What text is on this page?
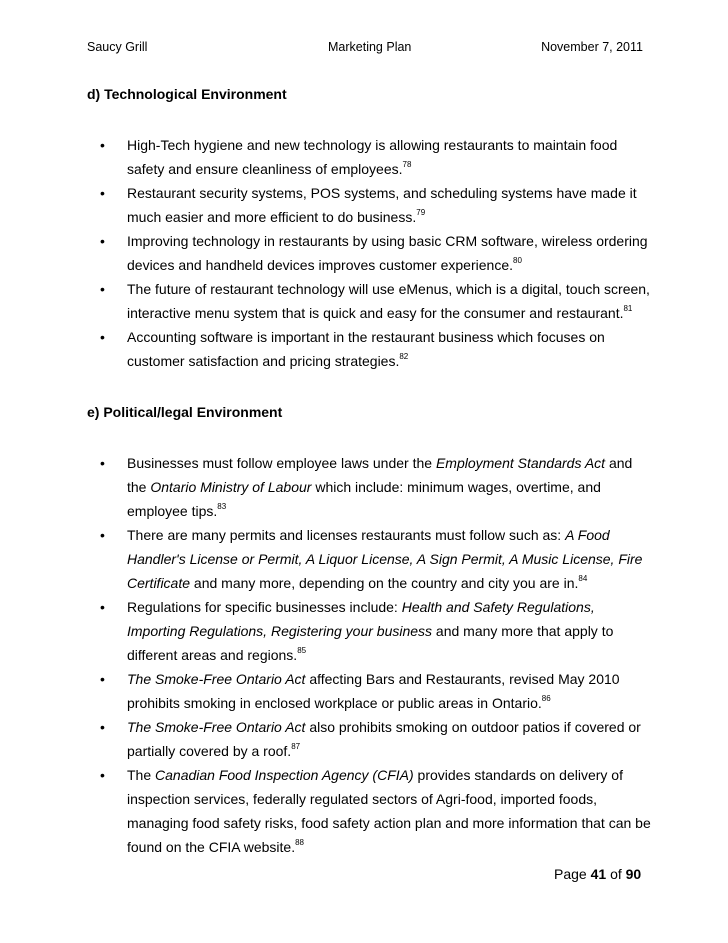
Saucy Grill	Marketing Plan	November 7, 2011
d) Technological Environment
• High-Tech hygiene and new technology is allowing restaurants to maintain food safety and ensure cleanliness of employees.$^{78}$
• Restaurant security systems, POS systems, and scheduling systems have made it much easier and more efficient to do business.$^{79}$
• Improving technology in restaurants by using basic CRM software, wireless ordering devices and handheld devices improves customer experience.$^{80}$
• The future of restaurant technology will use eMenus, which is a digital, touch screen, interactive menu system that is quick and easy for the consumer and restaurant.$^{81}$
• Accounting software is important in the restaurant business which focuses on customer satisfaction and pricing strategies.$^{82}$
e) Political/legal Environment
• Businesses must follow employee laws under the Employment Standards Act and the Ontario Ministry of Labour which include: minimum wages, overtime, and employee tips.$^{83}$
• There are many permits and licenses restaurants must follow such as: A Food Handler's License or Permit, A Liquor License, A Sign Permit, A Music License, Fire Certificate and many more, depending on the country and city you are in.$^{84}$
• Regulations for specific businesses include: Health and Safety Regulations, Importing Regulations, Registering your business and many more that apply to different areas and regions.$^{85}$
• The Smoke-Free Ontario Act affecting Bars and Restaurants, revised May 2010 prohibits smoking in enclosed workplace or public areas in Ontario.$^{86}$
• The Smoke-Free Ontario Act also prohibits smoking on outdoor patios if covered or partially covered by a roof.$^{87}$
• The Canadian Food Inspection Agency (CFIA) provides standards on delivery of inspection services, federally regulated sectors of Agri-food, imported foods, managing food safety risks, food safety action plan and more information that can be found on the CFIA website.$^{88}$
Page 41 of 90
